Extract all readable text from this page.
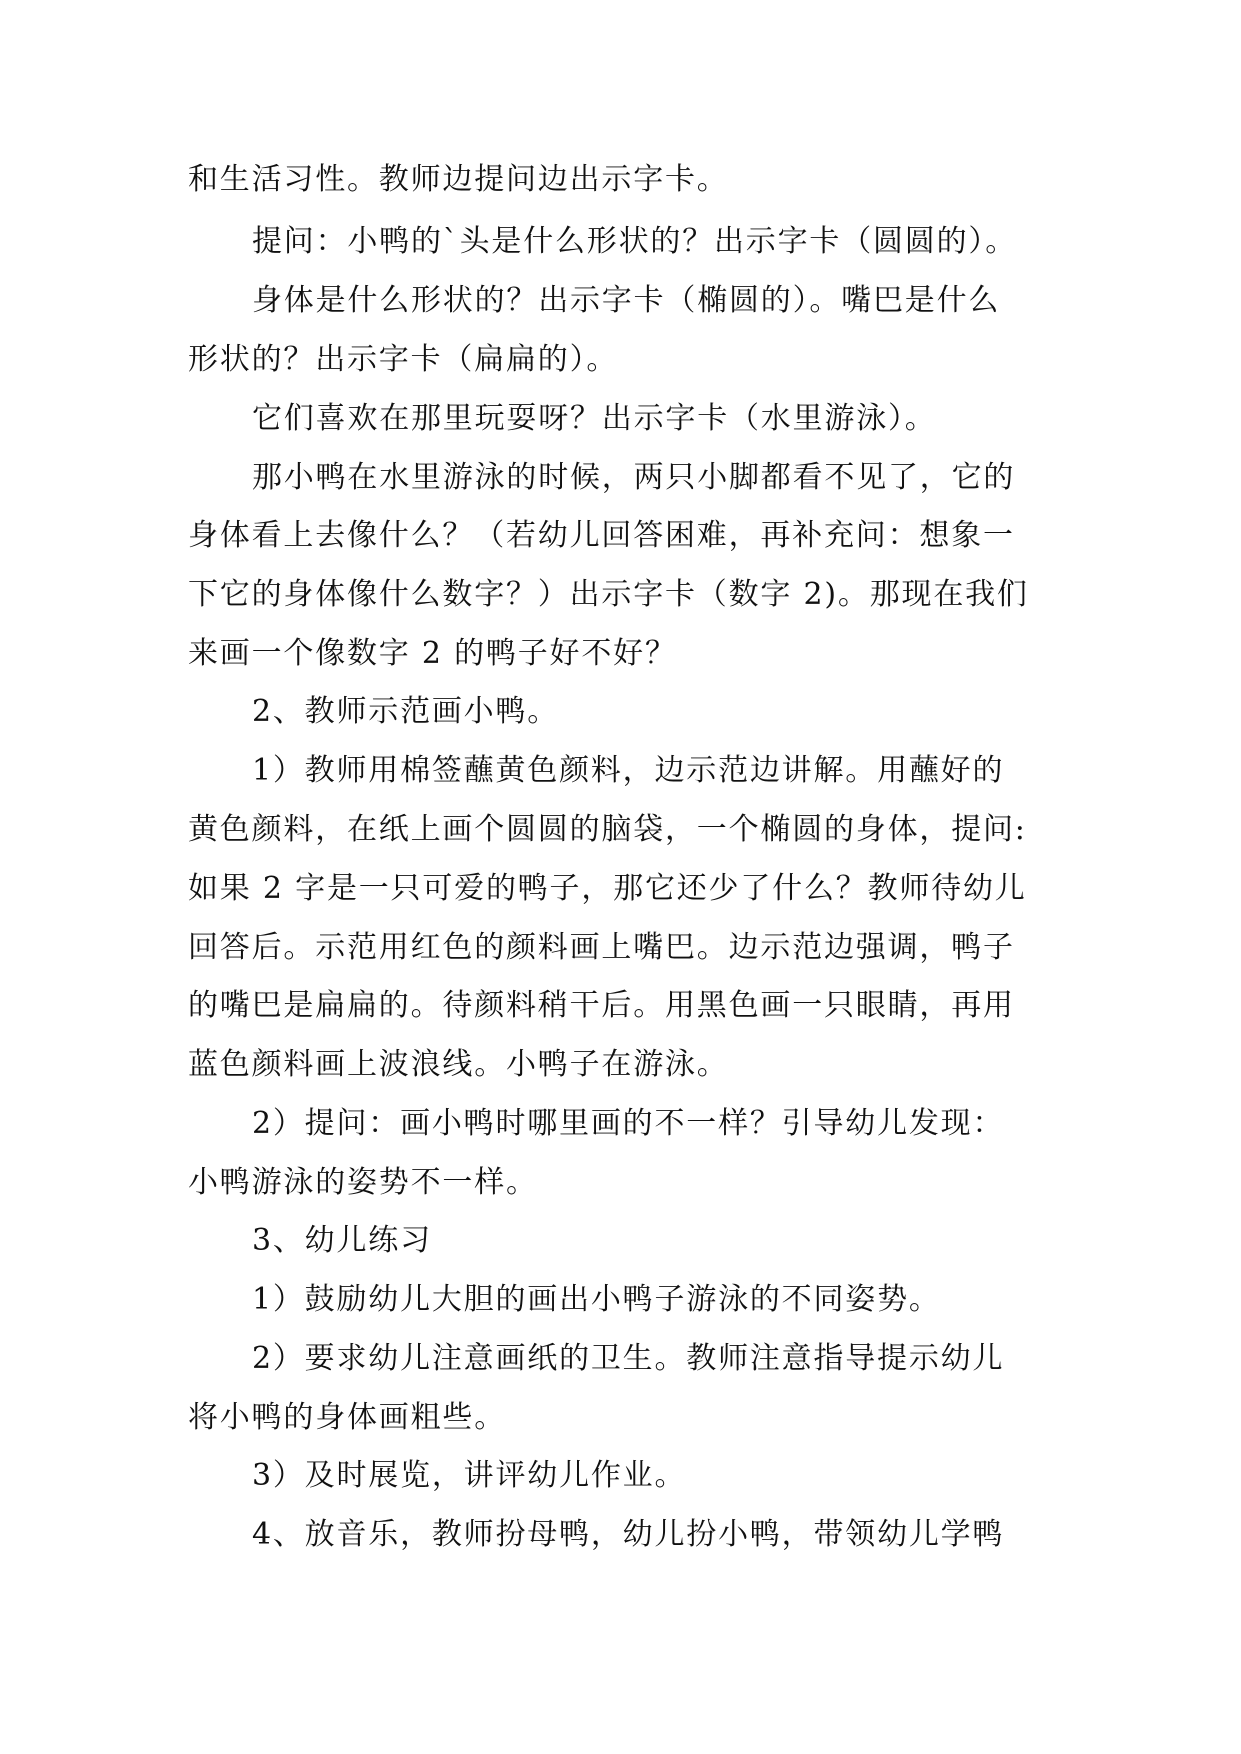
和生活习性。教师边提问边出示字卡。
提问：小鸭的`头是什么形状的？出示字卡（圆圆的）。
身体是什么形状的？出示字卡（椭圆的）。嘴巴是什么
形状的？出示字卡（扁扁的）。
它们喜欢在那里玩耍呀？出示字卡（水里游泳）。
那小鸭在水里游泳的时候，两只小脚都看不见了，它的
身体看上去像什么？（若幼儿回答困难，再补充问：想象一
下它的身体像什么数字？）出示字卡（数字 2)。那现在我们
来画一个像数字 2 的鸭子好不好？
2、教师示范画小鸭。
1）教师用棉签蘸黄色颜料，边示范边讲解。用蘸好的
黄色颜料，在纸上画个圆圆的脑袋，一个椭圆的身体，提问:
如果 2 字是一只可爱的鸭子，那它还少了什么？教师待幼儿
回答后。示范用红色的颜料画上嘴巴。边示范边强调，鸭子
的嘴巴是扁扁的。待颜料稍干后。用黑色画一只眼睛，再用
蓝色颜料画上波浪线。小鸭子在游泳。
2）提问：画小鸭时哪里画的不一样？引导幼儿发现：
小鸭游泳的姿势不一样。
3、幼儿练习
1）鼓励幼儿大胆的画出小鸭子游泳的不同姿势。
2）要求幼儿注意画纸的卫生。教师注意指导提示幼儿
将小鸭的身体画粗些。
3）及时展览，讲评幼儿作业。
4、放音乐，教师扮母鸭，幼儿扮小鸭，带领幼儿学鸭
